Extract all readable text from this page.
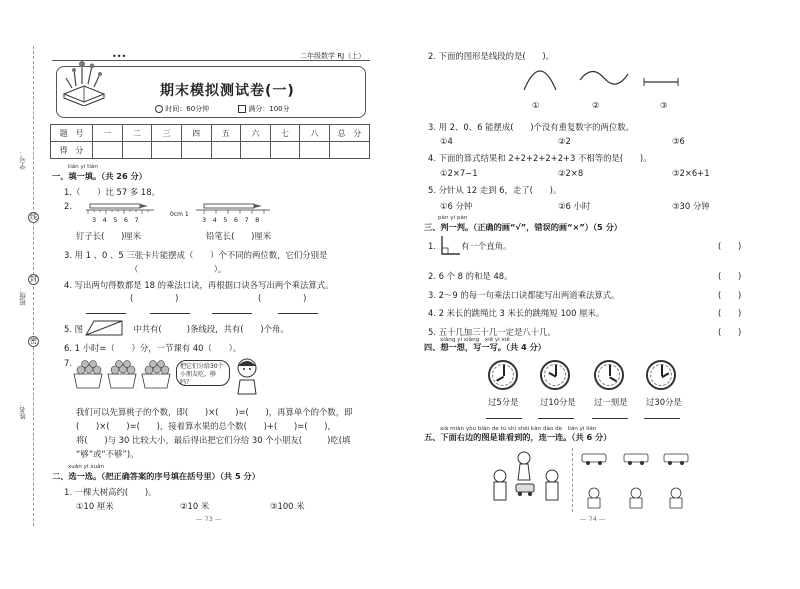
学号：
班级：
姓名：
线
封
密
二年级数学 RJ（上）
•••
期末模拟测试卷(一)
时间：60分钟	满分：100分
题　号	一	二	三	四	五	六	七	八	总　分
得　分									
tián yi tián
一、填一填。（共 26 分）
1.（　　）比 57 多 18。
2.
3　4　5　6　7
0cm 1
3　4　5　6　7　8
钉子长(　　)厘米	铅笔长(　　)厘米
3. 用 1 、0 、5 三张卡片能摆成（　　）个不同的两位数，它们分别是
（　　　　　　　　　）。
4. 写出两句得数都是 18 的乘法口诀，再根据口诀各写出两个乘法算式。
(　　　　　)	(　　　　　)
5. 图　　　　　　中共有(　　　)条线段，共有(　　)个角。
6. 1 小时=（　　）分，一节课有 40（　　）。
7.	把它们分给30个小朋友吃，够吗？
我们可以先算桃子的个数，即(　　)×(　　)=(　　)，再算单个的个数，即
(　　)×(　　)=(　　)，接着算水果的总个数(　　)+(　　)=(　　)，
将(　　)与 30 比较大小，最后得出把它们分给 30 个小朋友(　　　)吃(填
“够”或“不够”)。
xuǎn yi xuǎn
二、选一选。（把正确答案的序号填在括号里）（共 5 分）
1. 一棵大树高约(　　)。
①10 厘米	②10 米	③100 米
— 73 —
2. 下面的图形是线段的是(　　)。
①	②	③
3. 用 2、0、6 能摆成(　　)个没有重复数字的两位数。
①4	②2	③6
4. 下面的算式结果和 2+2+2+2+2+3 不相等的是(　　)。
①2×7−1	②2×8	③2×6+1
5. 分针从 12 走到 6，走了(　　)。
①6 分钟	②6 小时	③30 分钟
pàn yi pàn
三、判一判。（正确的画“√”，错误的画“×”）（5 分）
1.　　　有一个直角。	(　　)
2. 6 个 8 的和是 48。	(　　)
3. 2～9 的每一句乘法口诀都能写出两道乘法算式。	(　　)
4. 2 米长的跳绳比 3 米长的跳绳短 100 厘米。	(　　)
5. 五十几加三十几一定是八十几。	(　　)
xiǎng yi xiǎng　xiě yi xiě
四、想一想，写一写。（共 4 分）
过5分是	过10分是 过一刻是 过30分是
xià miàn yòu biān de tú shì shéi kàn dào de　lián yi lián
五、下面右边的图是谁看到的，连一连。（共 6 分）
— 74 —
